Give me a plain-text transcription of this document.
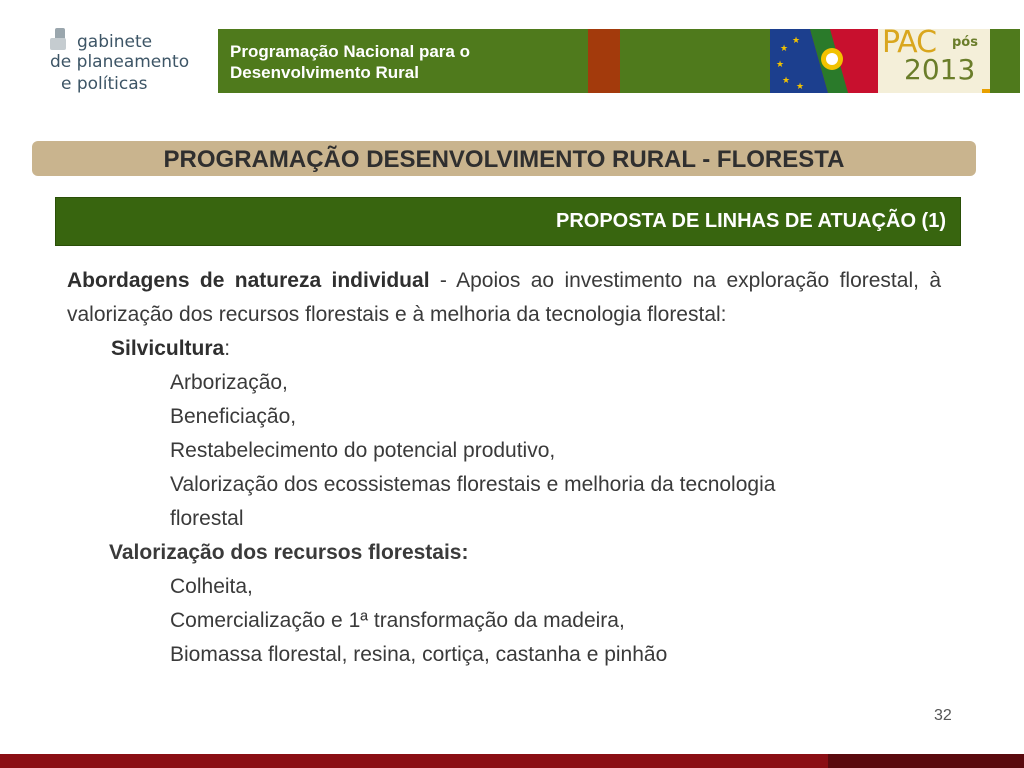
gabinete
de planeamento
e políticas
Programação Nacional para o
Desenvolvimento Rural
★
★
★
★
★
PAC pós
2013
PROGRAMAÇÃO DESENVOLVIMENTO RURAL - FLORESTA
PROPOSTA DE LINHAS DE ATUAÇÃO (1)

Abordagens de natureza individual - Apoios ao investimento na exploração florestal, à valorização dos recursos florestais e à melhoria da tecnologia florestal:

Silvicultura:

Arborização,

Beneficiação,

Restabelecimento do potencial produtivo,

Valorização dos ecossistemas florestais e melhoria da tecnologia

florestal

Valorização dos recursos florestais:

Colheita,

Comercialização e 1ª transformação da madeira,

Biomassa florestal, resina, cortiça, castanha e pinhão

32
